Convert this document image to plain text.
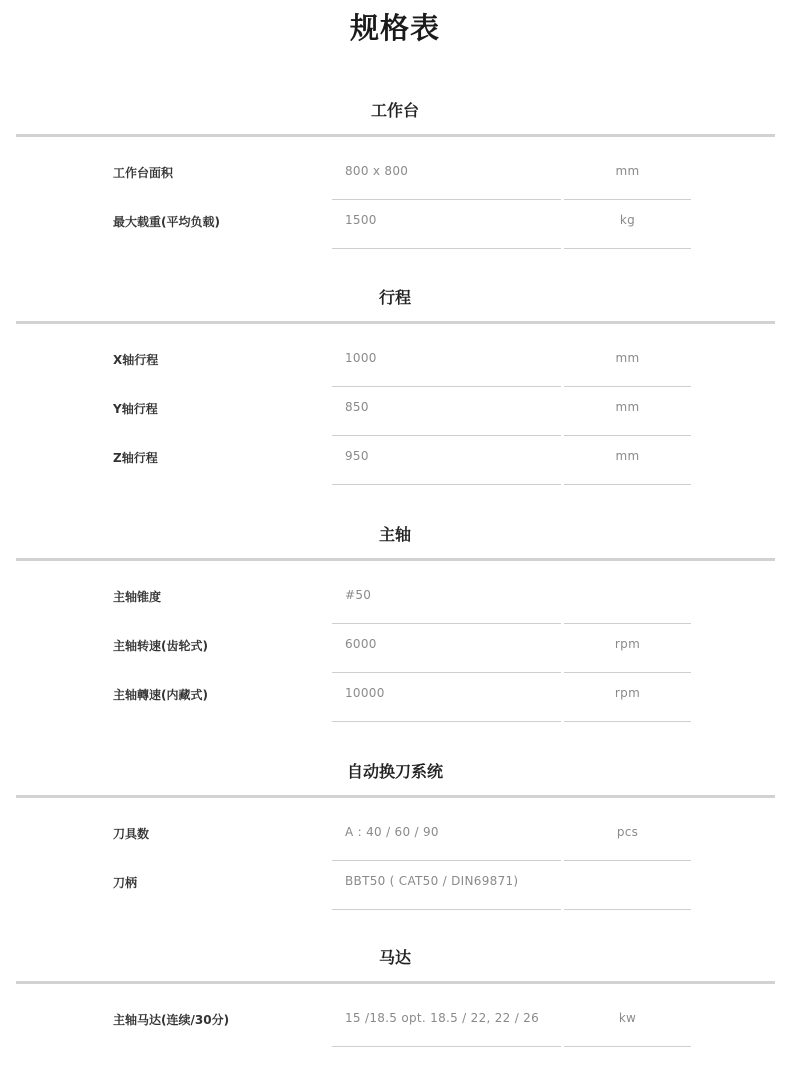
规格表
工作台
工作台面积	800 x 800	mm
最大载重(平均负载)	1500	kg
行程
X轴行程	1000	mm
Y轴行程	850	mm
Z轴行程	950	mm
主轴
主轴锥度	#50
主轴转速(齿轮式)	6000	rpm
主轴轉速(内藏式)	10000	rpm
自动换刀系统
刀具数	A : 40 / 60 / 90	pcs
刀柄	BBT50 ( CAT50 / DIN69871)
马达
主轴马达(连续/30分)	15 /18.5 opt. 18.5 / 22, 22 / 26	kw
